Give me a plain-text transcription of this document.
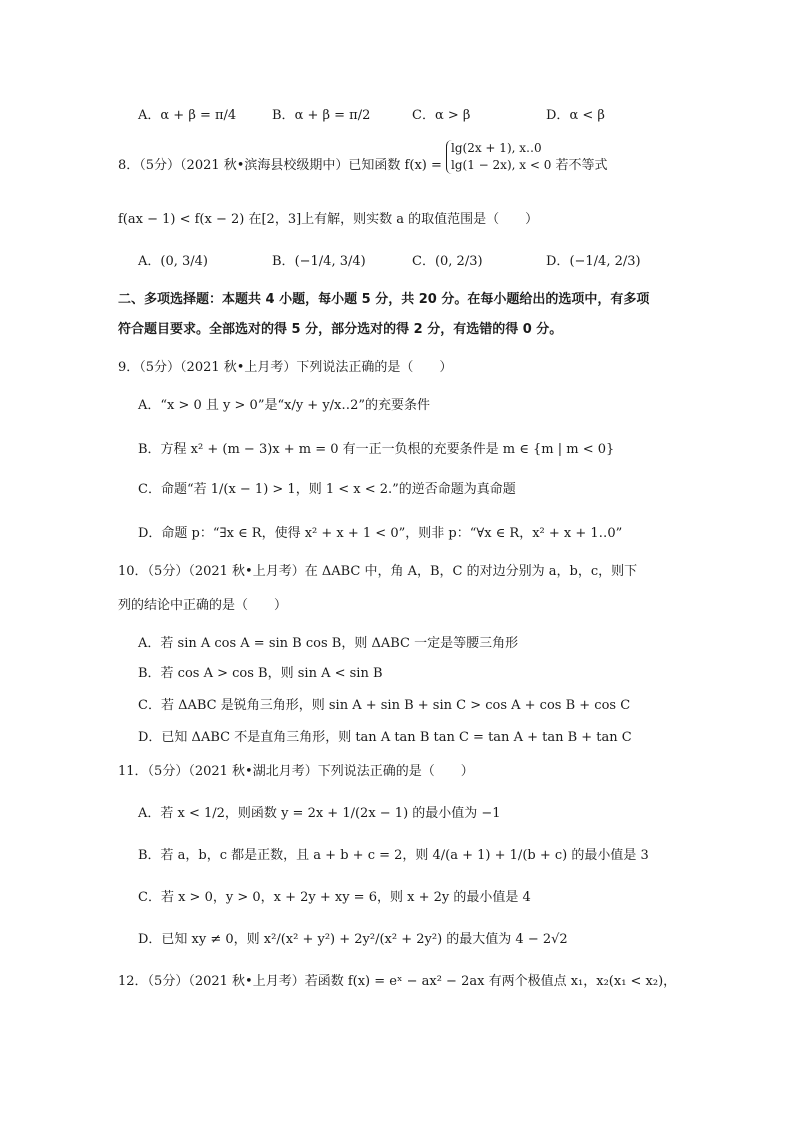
A．α + β = π/4	B．α + β = π/2	C．α > β	D．α < β
8．（5分）（2021 秋•滨海县校级期中）已知函数 f(x) =
lg(2x + 1), x‥0
lg(1 − 2x), x < 0 若不等式
f(ax − 1) < f(x − 2) 在[2，3]上有解，则实数 a 的取值范围是（　　）
A．(0, 3/4)	B．(−1/4, 3/4)	C．(0, 2/3)	D．(−1/4, 2/3)
二、多项选择题：本题共 4 小题，每小题 5 分，共 20 分。在每小题给出的选项中，有多项
符合题目要求。全部选对的得 5 分，部分选对的得 2 分，有选错的得 0 分。
9．（5分）（2021 秋•上月考）下列说法正确的是（　　）
A．“x > 0 且 y > 0”是“x/y + y/x‥2”的充要条件
B．方程 x² + (m − 3)x + m = 0 有一正一负根的充要条件是 m ∈ {m | m < 0}
C．命题“若 1/(x − 1) > 1，则 1 < x < 2.”的逆否命题为真命题
D．命题 p：“∃x ∈ R，使得 x² + x + 1 < 0”，则非 p：“∀x ∈ R，x² + x + 1‥0”
10．（5分）（2021 秋•上月考）在 ΔABC 中，角 A，B，C 的对边分别为 a，b，c，则下
列的结论中正确的是（　　）
A．若 sin A cos A = sin B cos B，则 ΔABC 一定是等腰三角形
B．若 cos A > cos B，则 sin A < sin B
C．若 ΔABC 是锐角三角形，则 sin A + sin B + sin C > cos A + cos B + cos C
D．已知 ΔABC 不是直角三角形，则 tan A tan B tan C = tan A + tan B + tan C
11．（5分）（2021 秋•湖北月考）下列说法正确的是（　　）
A．若 x < 1/2，则函数 y = 2x + 1/(2x − 1) 的最小值为 −1
B．若 a，b，c 都是正数，且 a + b + c = 2，则 4/(a + 1) + 1/(b + c) 的最小值是 3
C．若 x > 0，y > 0，x + 2y + xy = 6，则 x + 2y 的最小值是 4
D．已知 xy ≠ 0，则 x²/(x² + y²) + 2y²/(x² + 2y²) 的最大值为 4 − 2√2
12．（5分）（2021 秋•上月考）若函数 f(x) = eˣ − ax² − 2ax 有两个极值点 x₁，x₂(x₁ < x₂)，
